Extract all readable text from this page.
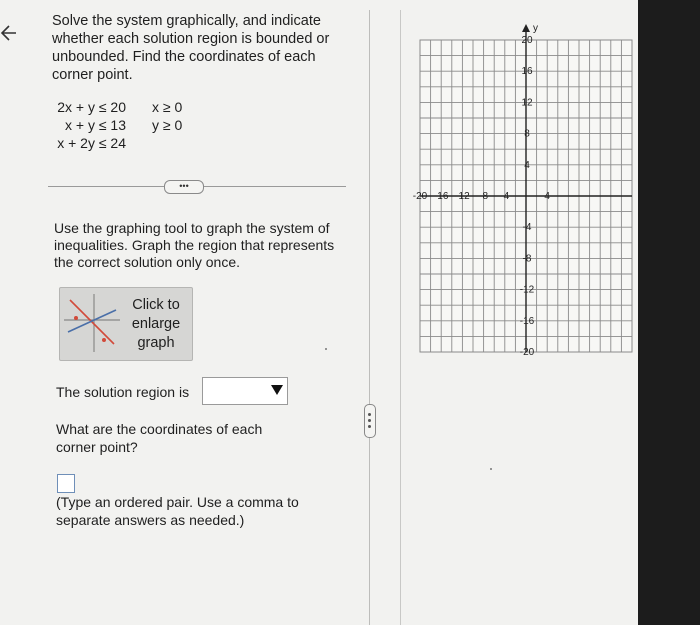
Solve the system graphically, and indicate whether each solution region is bounded or unbounded. Find the coordinates of each corner point.

2x + y ≤ 20
x + y ≤ 13
x + 2y ≤ 24
x ≥ 0
y ≥ 0
•••
Use the graphing tool to graph the system of inequalities. Graph the region that represents the correct solution only once.
Click to
enlarge
graph
The solution region is
What are the coordinates of each corner point?
(Type an ordered pair. Use a comma to separate answers as needed.)
y
-20 -16 -12 -8 -4	4
20
16
12
8
4
-4
-8
-12
-16
-20
